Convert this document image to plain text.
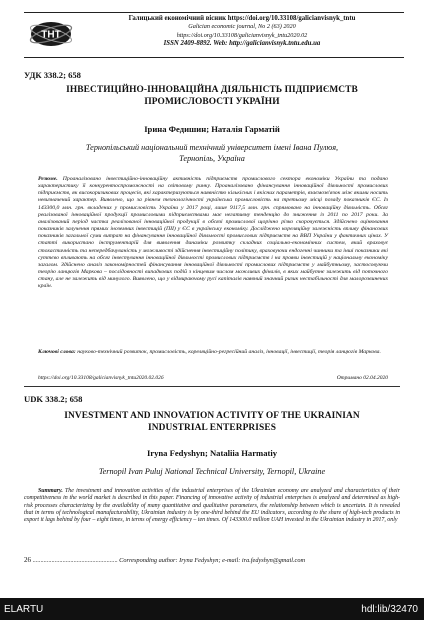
ТНТ
Галицький економічний вісник https://doi.org/10.33108/galicianvisnyk_tntu
Galician economic journal, No 2 (63) 2020
https://doi.org/10.33108/galicianvisnyk_tntu2020.02
ISSN 2409-8892. Web: http://galicianvisnyk.tntu.edu.ua
УДК 338.2; 658
ІНВЕСТИЦІЙНО-ІННОВАЦІЙНА ДІЯЛЬНІСТЬ ПІДПРИЄМСТВ
ПРОМИСЛОВОСТІ УКРАЇНИ
Ірина Федишин; Наталія Гарматій
Тернопільський національний технічний університет імені Івана Пулюя,
Тернопіль, Україна
Резюме. Проаналізовано інвестиційно-інноваційну активність підприємств промислового сектора економіки України та подано характеристику її конкурентоспроможності на світовому ринку. Проаналізовано фінансування інноваційної діяльності промислових підприємств, як високоризикових процесів, які характеризуються наявністю кількісних і якісних параметрів, взаємозв'язок між якими носить невизначений характер. Виявлено, що за рівнем технологічності українська промисловість на третьому місці позаду показників ЄС. Із 143300,0 млн. грн. вкладених у промисловість України у 2017 році, лише 9117,5 млн. грн. спрямовано на інноваційну діяльність. Обсяг реалізованої інноваційної продукції промисловими підприємствами має негативну тенденцію до зниження із 2011 по 2017 роки. За аналізований період частка реалізованої інноваційної продукції в обсязі промислової щорічно різко скорочується. Здійснено оцінювання показників залучення прямих іноземних інвестицій (ПІІ) у ЄС в українську економіку. Досліджено кореляційну залежність впливу фінансових показників загальної суми витрат на фінансування інноваційної діяльності промислових підприємств на ВВП України у фактичних цінах. У статті використано інструментарій для виявлення динаміки розвитку складних соціально-економічних систем, який враховує стохастичність та непередбачуваність у можливості здійснення інвестиційну політику, враховуючи ендогенні чинники та інші показники які суттєво впливають на обсяг інвестування інноваційної діяльності промислових підприємств і на прояви інвестицій у національну економіку загалом. Здійснено аналіз закономірностей фінансування інноваційної діяльності промислових підприємств у майбутньому, застосовуючи теорію ланцюгів Маркова – послідовності випадкових подій з кінцевим числом можливих фіналів, в яких майбутнє залежить від поточного стану, але не залежить від минулого. Виявлено, що у відмираючому русі капіталів наявний значний ризик нестабільності для малорозвинених країн.
Ключові слова: науково-технічний розвиток, промисловість, кореляційно-регресійний аналіз, інновації, інвестиції, теорія ланцюгів Маркова.
https://doi.org/10.33108/galicianvisnyk_tntu2020.02.026	Отримано 02.04.2020
UDK 338.2; 658
INVESTMENT AND INNOVATION ACTIVITY OF THE UKRAINIAN
INDUSTRIAL ENTERPRISES
Iryna Fedyshyn; Nataliia Harmatiy
Ternopil Ivan Puluj National Technical University, Ternopil, Ukraine
Summary. The investment and innovation activities of the industrial enterprises of the Ukrainian economy are analyzed and characteristics of their competitiveness in the world market is described in this paper. Financing of innovative activity of industrial enterprises is analyzed and determined as high-risk processes characterizing by the availability of many quantitative and qualitative parameters, the relationship between which is uncertain. It is revealed that in terms of technological manufacturability, Ukrainian industry is by one-third behind the EU indicators, according to the share of high-tech products in export it lags behind by four – eight times, in terms of energy efficiency – ten times. Of 143300.0 million UAH invested in the Ukrainian industry in 2017, only
26 ...................................................... Corresponding author: Iryna Fedyshyn; e-mail: ira.fedyshyn@gmail.com
ELARTU	hdl:lib/32470
